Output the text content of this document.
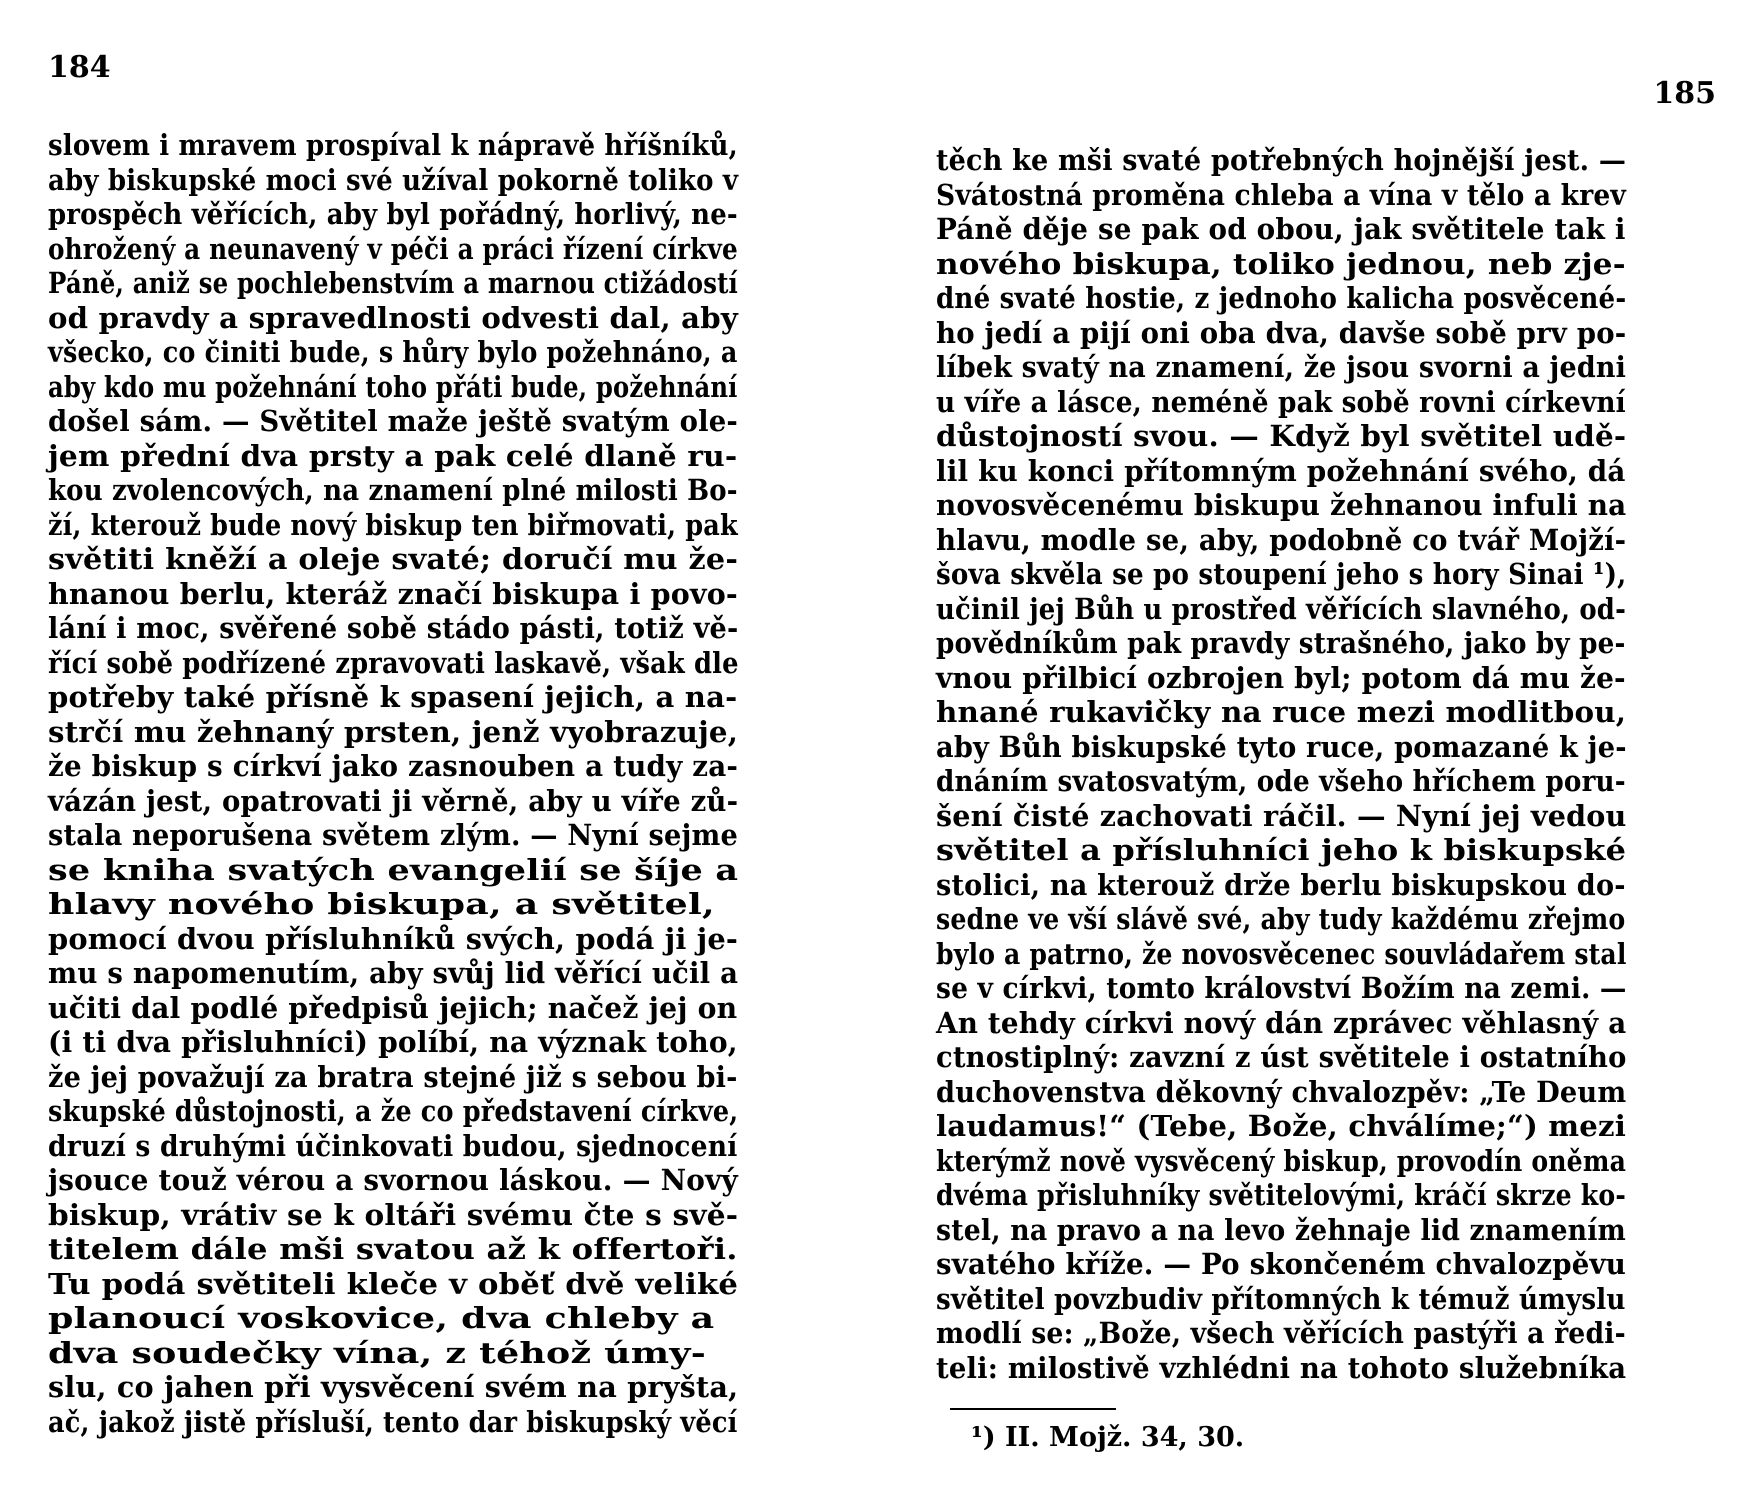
184
slovem i mravem prospíval k nápravě hříšníků,
aby biskupské moci své užíval pokorně toliko v
prospěch věřících, aby byl pořádný, horlivý, ne-
ohrožený a neunavený v péči a práci řízení církve
Páně, aniž se pochlebenstvím a marnou ctižádostí
od pravdy a spravedlnosti odvesti dal, aby
všecko, co činiti bude, s hůry bylo požehnáno, a
aby kdo mu požehnání toho přáti bude, požehnání
došel sám. — Světitel maže ještě svatým ole-
jem přední dva prsty a pak celé dlaně ru-
kou zvolencových, na znamení plné milosti Bo-
ží, kterouž bude nový biskup ten biřmovati, pak
světiti kněží a oleje svaté; doručí mu že-
hnanou berlu, kteráž značí biskupa i povo-
lání i moc, svěřené sobě stádo pásti, totiž vě-
řící sobě podřízené zpravovati laskavě, však dle
potřeby také přísně k spasení jejich, a na-
strčí mu žehnaný prsten, jenž vyobrazuje,
že biskup s církví jako zasnouben a tudy za-
vázán jest, opatrovati ji věrně, aby u víře zů-
stala neporušena světem zlým. — Nyní sejme
se kniha svatých evangelií se šíje a
hlavy nového biskupa, a světitel,
pomocí dvou přísluhníků svých, podá ji je-
mu s napomenutím, aby svůj lid věřící učil a
učiti dal podlé předpisů jejich; načež jej on
(i ti dva přisluhníci) políbí, na význak toho,
že jej považují za bratra stejné již s sebou bi-
skupské důstojnosti, a že co představení církve,
druzí s druhými účinkovati budou, sjednocení
jsouce touž vérou a svornou láskou. — Nový
biskup, vrátiv se k oltáři svému čte s svě-
titelem dále mši svatou až k offertoři.
Tu podá světiteli kleče v oběť dvě veliké
planoucí voskovice, dva chleby a
dva soudečky vína, z téhož úmy-
slu, co jahen při vysvěcení svém na pryšta,
ač, jakož jistě přísluší, tento dar biskupský věcí
185
těch ke mši svaté potřebných hojnější jest. —
Svátostná proměna chleba a vína v tělo a krev
Páně děje se pak od obou, jak světitele tak i
nového biskupa, toliko jednou, neb zje-
dné svaté hostie, z jednoho kalicha posvěcené-
ho jedí a pijí oni oba dva, davše sobě prv po-
líbek svatý na znamení, že jsou svorni a jedni
u víře a lásce, neméně pak sobě rovni církevní
důstojností svou. — Když byl světitel udě-
lil ku konci přítomným požehnání svého, dá
novosvěcenému biskupu žehnanou infuli na
hlavu, modle se, aby, podobně co tvář Mojží-
šova skvěla se po stoupení jeho s hory Sinai ¹),
učinil jej Bůh u prostřed věřících slavného, od-
povědníkům pak pravdy strašného, jako by pe-
vnou přilbicí ozbrojen byl; potom dá mu že-
hnané rukavičky na ruce mezi modlitbou,
aby Bůh biskupské tyto ruce, pomazané k je-
dnáním svatosvatým, ode všeho hříchem poru-
šení čisté zachovati ráčil. — Nyní jej vedou
světitel a přísluhníci jeho k biskupské
stolici, na kterouž drže berlu biskupskou do-
sedne ve vší slávě své, aby tudy každému zřejmo
bylo a patrno, že novosvěcenec souvládařem stal
se v církvi, tomto království Božím na zemi. —
An tehdy církvi nový dán zprávec věhlasný a
ctnostiplný: zavzní z úst světitele i ostatního
duchovenstva děkovný chvalozpěv: „Te Deum
laudamus!“ (Tebe, Bože, chválíme;“) mezi
kterýmž nově vysvěcený biskup, provodín oněma
dvéma přisluhníky světitelovými, kráčí skrze ko-
stel, na pravo a na levo žehnaje lid znamením
svatého kříže. — Po skončeném chvalozpěvu
světitel povzbudiv přítomných k témuž úmyslu
modlí se: „Bože, všech věřících pastýři a ředi-
teli: milostivě vzhlédni na tohoto služebníka
¹) II. Mojž. 34, 30.
